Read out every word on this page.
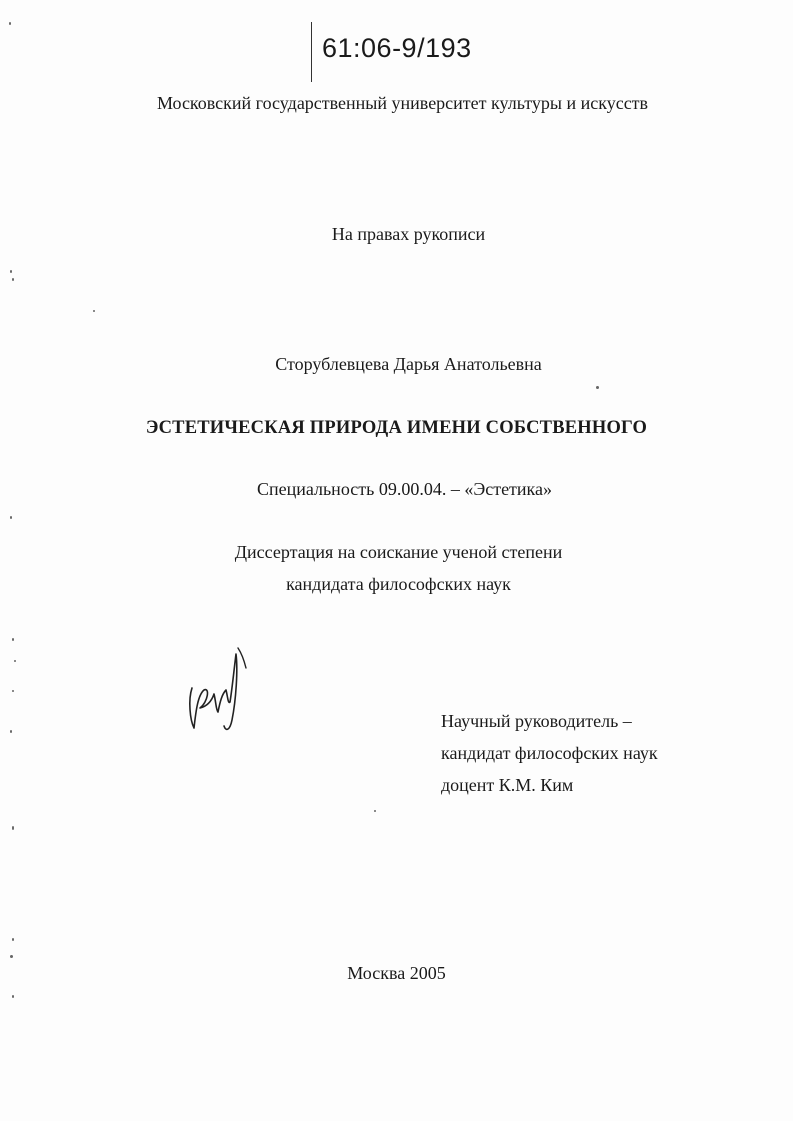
61:06-9/193
Московский государственный университет культуры и искусств
На правах рукописи
Сторублевцева Дарья Анатольевна
ЭСТЕТИЧЕСКАЯ ПРИРОДА ИМЕНИ СОБСТВЕННОГО
Специальность 09.00.04. – «Эстетика»
Диссертация на соискание ученой степени
кандидата философских наук
Научный руководитель –
кандидат философских наук
доцент К.М. Ким
Москва 2005
